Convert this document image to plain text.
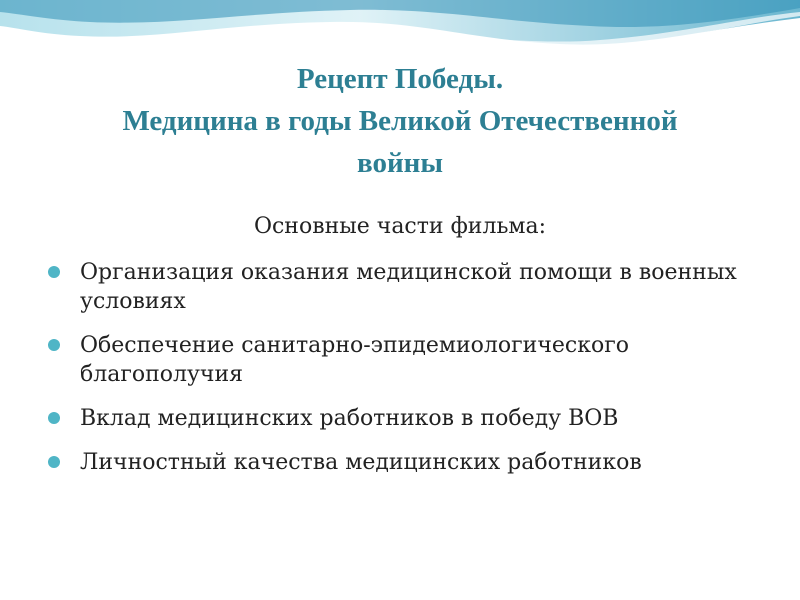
Рецепт Победы.
Медицина в годы Великой Отечественной
войны
Основные части фильма:
Организация оказания медицинской помощи в военных условиях
Обеспечение санитарно-эпидемиологического благополучия
Вклад медицинских работников в победу ВОВ
Личностный качества медицинских работников
